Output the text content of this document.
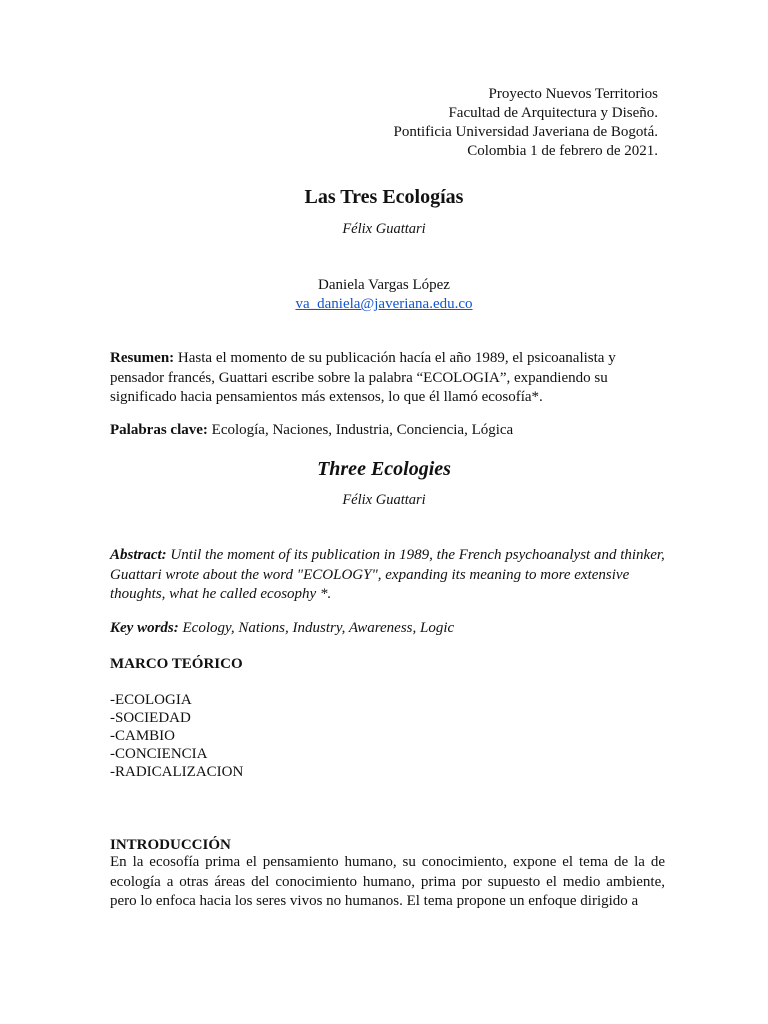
Proyecto Nuevos Territorios
Facultad de Arquitectura y Diseño.
Pontificia Universidad Javeriana de Bogotá.
Colombia 1 de febrero de 2021.
Las Tres Ecologías
Félix Guattari
Daniela Vargas López
va_daniela@javeriana.edu.co
Resumen: Hasta el momento de su publicación hacía el año 1989, el psicoanalista y pensador francés, Guattari escribe sobre la palabra “ECOLOGIA”, expandiendo su significado hacia pensamientos más extensos, lo que él llamó ecosofía*.
Palabras clave: Ecología, Naciones, Industria, Conciencia, Lógica
Three Ecologies
Félix Guattari
Abstract: Until the moment of its publication in 1989, the French psychoanalyst and thinker, Guattari wrote about the word "ECOLOGY", expanding its meaning to more extensive thoughts, what he called ecosophy *.
Key words: Ecology, Nations, Industry, Awareness, Logic
MARCO TEÓRICO
-ECOLOGIA
-SOCIEDAD
-CAMBIO
-CONCIENCIA
-RADICALIZACION
INTRODUCCIÓN
En la ecosofía prima el pensamiento humano, su conocimiento, expone el tema de la de ecología a otras áreas del conocimiento humano, prima por supuesto el medio ambiente, pero lo enfoca hacia los seres vivos no humanos. El tema propone un enfoque dirigido a
